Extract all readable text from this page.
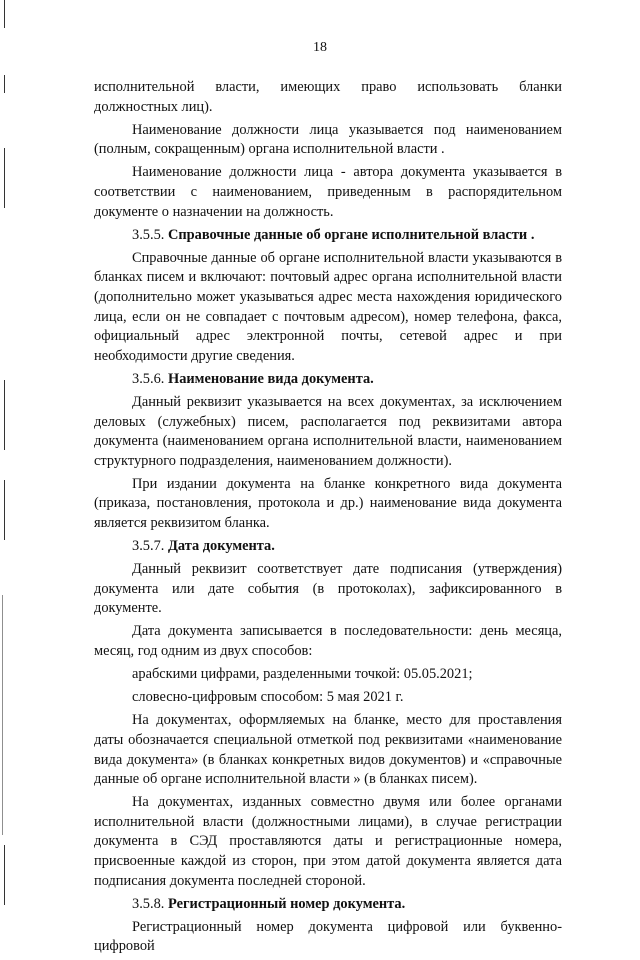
18

исполнительной власти, имеющих право использовать бланки должностных лиц).

Наименование должности лица указывается под наименованием (полным, сокращенным) органа исполнительной власти .

Наименование должности лица - автора документа указывается в соответствии с наименованием, приведенным в распорядительном документе о назначении на должность.

3.5.5. Справочные данные об органе исполнительной власти .

Справочные данные об органе исполнительной власти указываются в бланках писем и включают: почтовый адрес органа исполнительной власти (дополнительно может указываться адрес места нахождения юридического лица, если он не совпадает с почтовым адресом), номер телефона, факса, официальный адрес электронной почты, сетевой адрес и при необходимости другие сведения.

3.5.6. Наименование вида документа.

Данный реквизит указывается на всех документах, за исключением деловых (служебных) писем, располагается под реквизитами автора документа (наименованием органа исполнительной власти, наименованием структурного подразделения, наименованием должности).

При издании документа на бланке конкретного вида документа (приказа, постановления, протокола и др.) наименование вида документа является реквизитом бланка.

3.5.7. Дата документа.

Данный реквизит соответствует дате подписания (утверждения) документа или дате события (в протоколах), зафиксированного в документе.

Дата документа записывается в последовательности: день месяца, месяц, год одним из двух способов:

арабскими цифрами, разделенными точкой: 05.05.2021;

словесно-цифровым способом: 5 мая 2021 г.

На документах, оформляемых на бланке, место для проставления даты обозначается специальной отметкой под реквизитами «наименование вида документа» (в бланках конкретных видов документов) и «справочные данные об органе исполнительной власти » (в бланках писем).

На документах, изданных совместно двумя или более органами исполнительной власти (должностными лицами), в случае регистрации документа в СЭД проставляются даты и регистрационные номера, присвоенные каждой из сторон, при этом датой документа является дата подписания документа последней стороной.

3.5.8. Регистрационный номер документа.

Регистрационный номер документа цифровой или буквенно-цифровой
